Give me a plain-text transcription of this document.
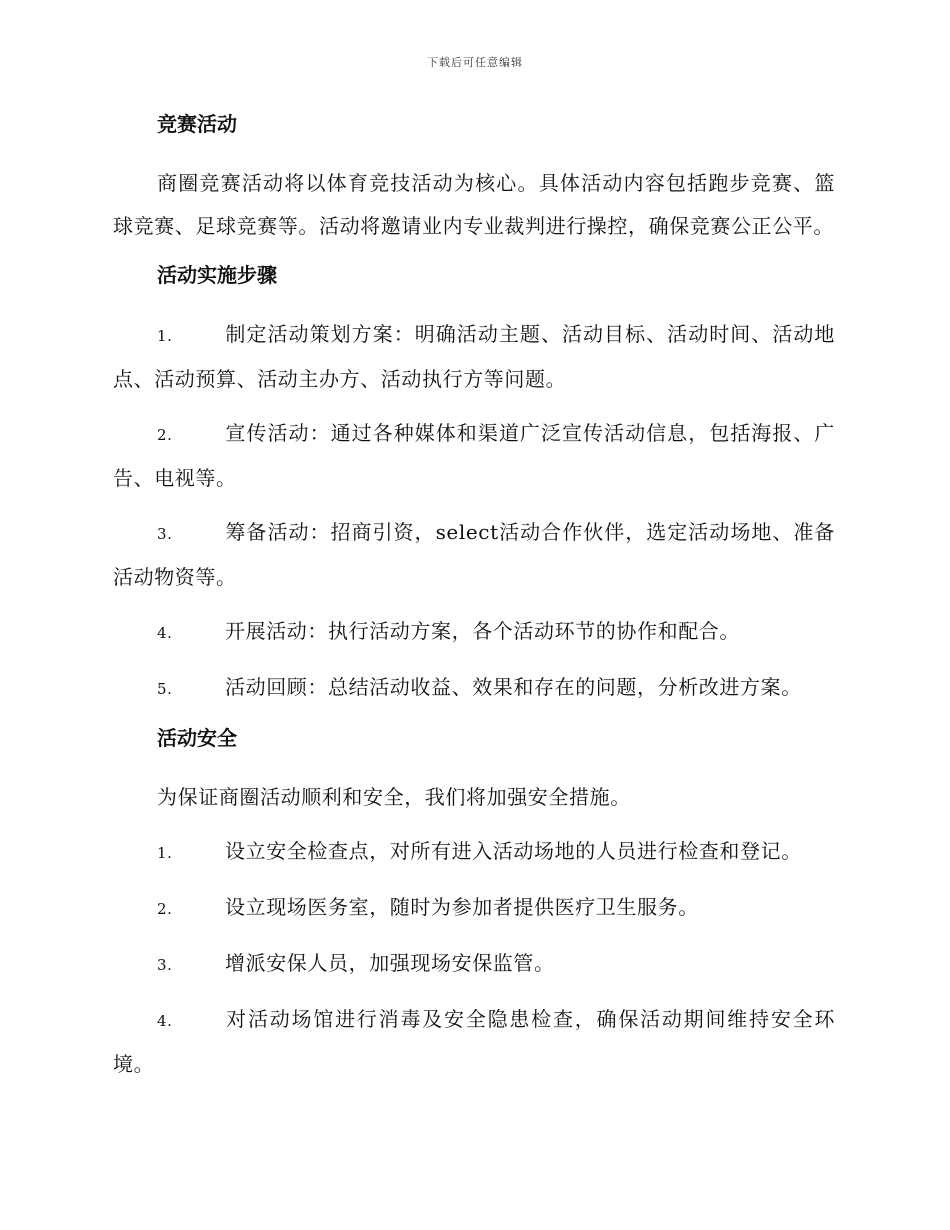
下载后可任意编辑
竞赛活动
商圈竞赛活动将以体育竞技活动为核心。具体活动内容包括跑步竞赛、篮球竞赛、足球竞赛等。活动将邀请业内专业裁判进行操控，确保竞赛公正公平。
活动实施步骤
1.	制定活动策划方案：明确活动主题、活动目标、活动时间、活动地点、活动预算、活动主办方、活动执行方等问题。
2.	宣传活动：通过各种媒体和渠道广泛宣传活动信息，包括海报、广告、电视等。
3.	筹备活动：招商引资，select活动合作伙伴，选定活动场地、准备活动物资等。
4.	开展活动：执行活动方案，各个活动环节的协作和配合。
5.	活动回顾：总结活动收益、效果和存在的问题，分析改进方案。
活动安全
为保证商圈活动顺利和安全，我们将加强安全措施。
1.	设立安全检查点，对所有进入活动场地的人员进行检查和登记。
2.	设立现场医务室，随时为参加者提供医疗卫生服务。
3.	增派安保人员，加强现场安保监管。
4.	对活动场馆进行消毒及安全隐患检查，确保活动期间维持安全环境。
